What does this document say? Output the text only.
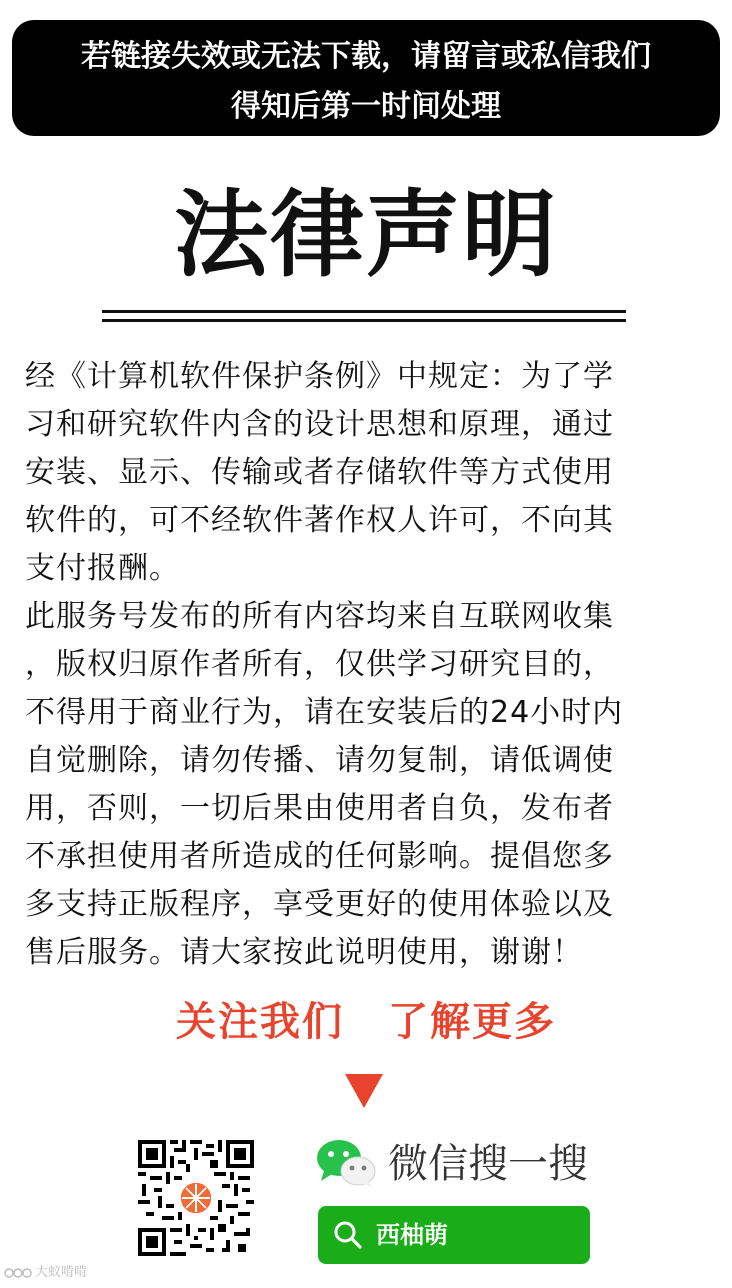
若链接失效或无法下载，请留言或私信我们
得知后第一时间处理
法律声明
经《计算机软件保护条例》中规定：为了学
习和研究软件内含的设计思想和原理，通过
安装、显示、传输或者存储软件等方式使用
软件的，可不经软件著作权人许可，不向其
支付报酬。
此服务号发布的所有内容均来自互联网收集
，版权归原作者所有，仅供学习研究目的，
不得用于商业行为，请在安装后的24小时内
自觉删除，请勿传播、请勿复制，请低调使
用，否则，一切后果由使用者自负，发布者
不承担使用者所造成的任何影响。提倡您多
多支持正版程序，享受更好的使用体验以及
售后服务。请大家按此说明使用，谢谢！
关注我们 了解更多
微信搜一搜
西柚萌
大蚁啃啃
